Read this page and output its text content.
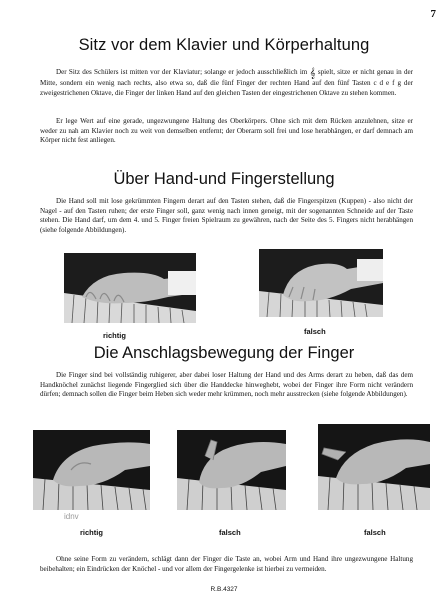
7
Sitz vor dem Klavier und Körperhaltung

Der Sitz des Schülers ist mitten vor der Klaviatur; solange er jedoch ausschließlich im 𝄞 spielt, sitze er nicht genau in der Mitte, sondern ein wenig nach rechts, also etwa so, daß die fünf Finger der rechten Hand auf den fünf Tasten c d e f g der zweigestrichenen Oktave, die Finger der linken Hand auf den gleichen Tasten der eingestrichenen Oktave zu stehen kommen.

Er lege Wert auf eine gerade, ungezwungene Haltung des Oberkörpers. Ohne sich mit dem Rücken anzulehnen, sitze er weder zu nah am Klavier noch zu weit von demselben entfernt; der Oberarm soll frei und lose herabhängen, er darf demnach am Körper nicht fest anliegen.

Über Hand-und Fingerstellung

Die Hand soll mit lose gekrümmten Fingern derart auf den Tasten stehen, daß die Fingerspitzen (Kuppen) - also nicht der Nagel - auf den Tasten ruhen; der erste Finger soll, ganz wenig nach innen geneigt, mit der sogenannten Schneide auf der Taste stehen. Die Hand darf, um dem 4. und 5. Finger freien Spielraum zu gewähren, nach der Seite des 5. Fingers nicht herabhängen (siehe folgende Abbildungen).

richtig	falsch
Die Anschlagsbewegung der Finger

Die Finger sind bei vollständig ruhigerer, aber dabei loser Haltung der Hand und des Arms derart zu heben, daß das dem Handknöchel zunächst liegende Fingerglied sich über die Handdecke hinweghebt, wobei der Finger ihre Form nicht verändern dürfen; demnach sollen die Finger beim Heben sich weder mehr krümmen, noch mehr ausstrecken (siehe folgende Abbildungen).

richtig
idnv
falsch	falsch

Ohne seine Form zu verändern, schlägt dann der Finger die Taste an, wobei Arm und Hand ihre ungezwungene Haltung beibehalten; ein Eindrücken der Knöchel - und vor allem der Fingergelenke ist hierbei zu vermeiden.

R.B.4327
